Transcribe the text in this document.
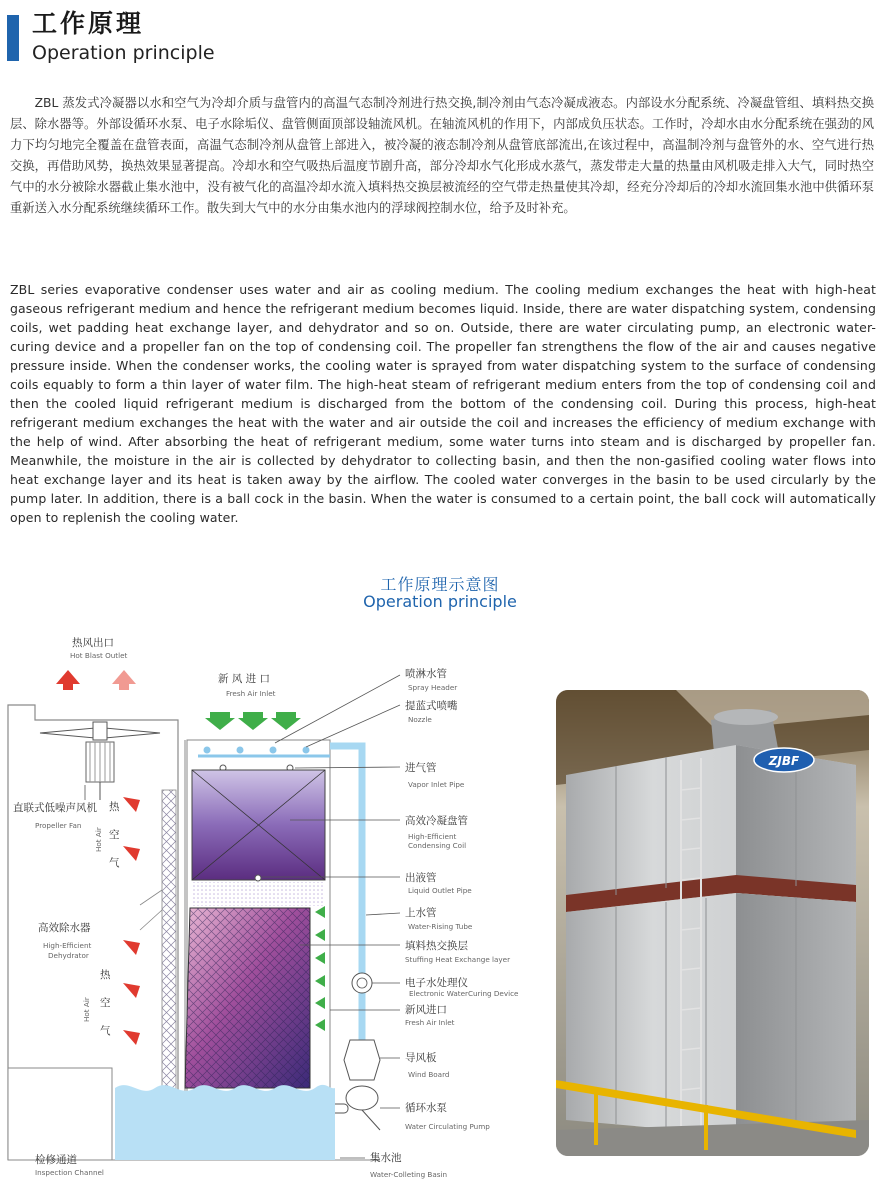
工作原理
Operation principle

ZBL 蒸发式冷凝器以水和空气为冷却介质与盘管内的高温气态制冷剂进行热交换,制冷剂由气态冷凝成液态。内部设水分配系统、冷凝盘管组、填料热交换层、除水器等。外部设循环水泵、电子水除垢仪、盘管侧面顶部设轴流风机。在轴流风机的作用下，内部成负压状态。工作时，冷却水由水分配系统在强劲的风力下均匀地完全覆盖在盘管表面，高温气态制冷剂从盘管上部进入，被冷凝的液态制冷剂从盘管底部流出,在该过程中，高温制冷剂与盘管外的水、空气进行热交换，再借助风势，换热效果显著提高。冷却水和空气吸热后温度节剧升高，部分冷却水气化形成水蒸气，蒸发带走大量的热量由风机吸走排入大气，同时热空气中的水分被除水器截止集水池中，没有被气化的高温冷却水流入填料热交换层被流经的空气带走热量使其冷却，经充分冷却后的冷却水流回集水池中供循环泵重新送入水分配系统继续循环工作。散失到大气中的水分由集水池内的浮球阀控制水位，给予及时补充。

ZBL series evaporative condenser uses water and air as cooling medium. The cooling medium exchanges the heat with high-heat gaseous refrigerant medium and hence the refrigerant medium becomes liquid. Inside, there are water dispatching system, condensing coils, wet padding heat exchange layer, and dehydrator and so on. Outside, there are water circulating pump, an electronic water-curing device and a propeller fan on the top of condensing coil. The propeller fan strengthens the flow of the air and causes negative pressure inside. When the condenser works, the cooling water is sprayed from water dispatching system to the surface of condensing coils equably to form a thin layer of water film. The high-heat steam of refrigerant medium enters from the top of condensing coil and then the cooled liquid refrigerant medium is discharged from the bottom of the condensing coil. During this process, high-heat refrigerant medium exchanges the heat with the water and air outside the coil and increases the efficiency of medium exchange with the help of wind. After absorbing the heat of refrigerant medium, some water turns into steam and is discharged by propeller fan. Meanwhile, the moisture in the air is collected by dehydrator to collecting basin, and then the non-gasified cooling water flows into heat exchange layer and its heat is taken away by the airflow. The cooled water converges in the basin to be used circularly by the pump later. In addition, there is a ball cock in the basin. When the water is consumed to a certain point, the ball cock will automatically open to replenish the cooling water.

工作原理示意图
Operation principle
热风出口
Hot Blast Outlet
新 风 进 口
Fresh Air Inlet
直联式低噪声风机
Propeller Fan
热
空
气
Hot Air
高效除水器
High-Efficient
Dehydrator
热
空
气
Hot Air
检修通道
Inspection Channel
喷淋水管
Spray Header
提蓝式喷嘴
Nozzle
进气管
Vapor Inlet Pipe
高效冷凝盘管
High-Efficient
Condensing Coil
出液管
Liquid Outlet Pipe
上水管
Water-Rising Tube
填料热交换层
Stuffing Heat Exchange layer
电子水处理仪
Electronic WaterCuring Device
新风进口
Fresh Air Inlet
导风板
Wind Board
循环水泵
Water Circulating Pump
集水池
Water-Colleting Basin
ZJBF
